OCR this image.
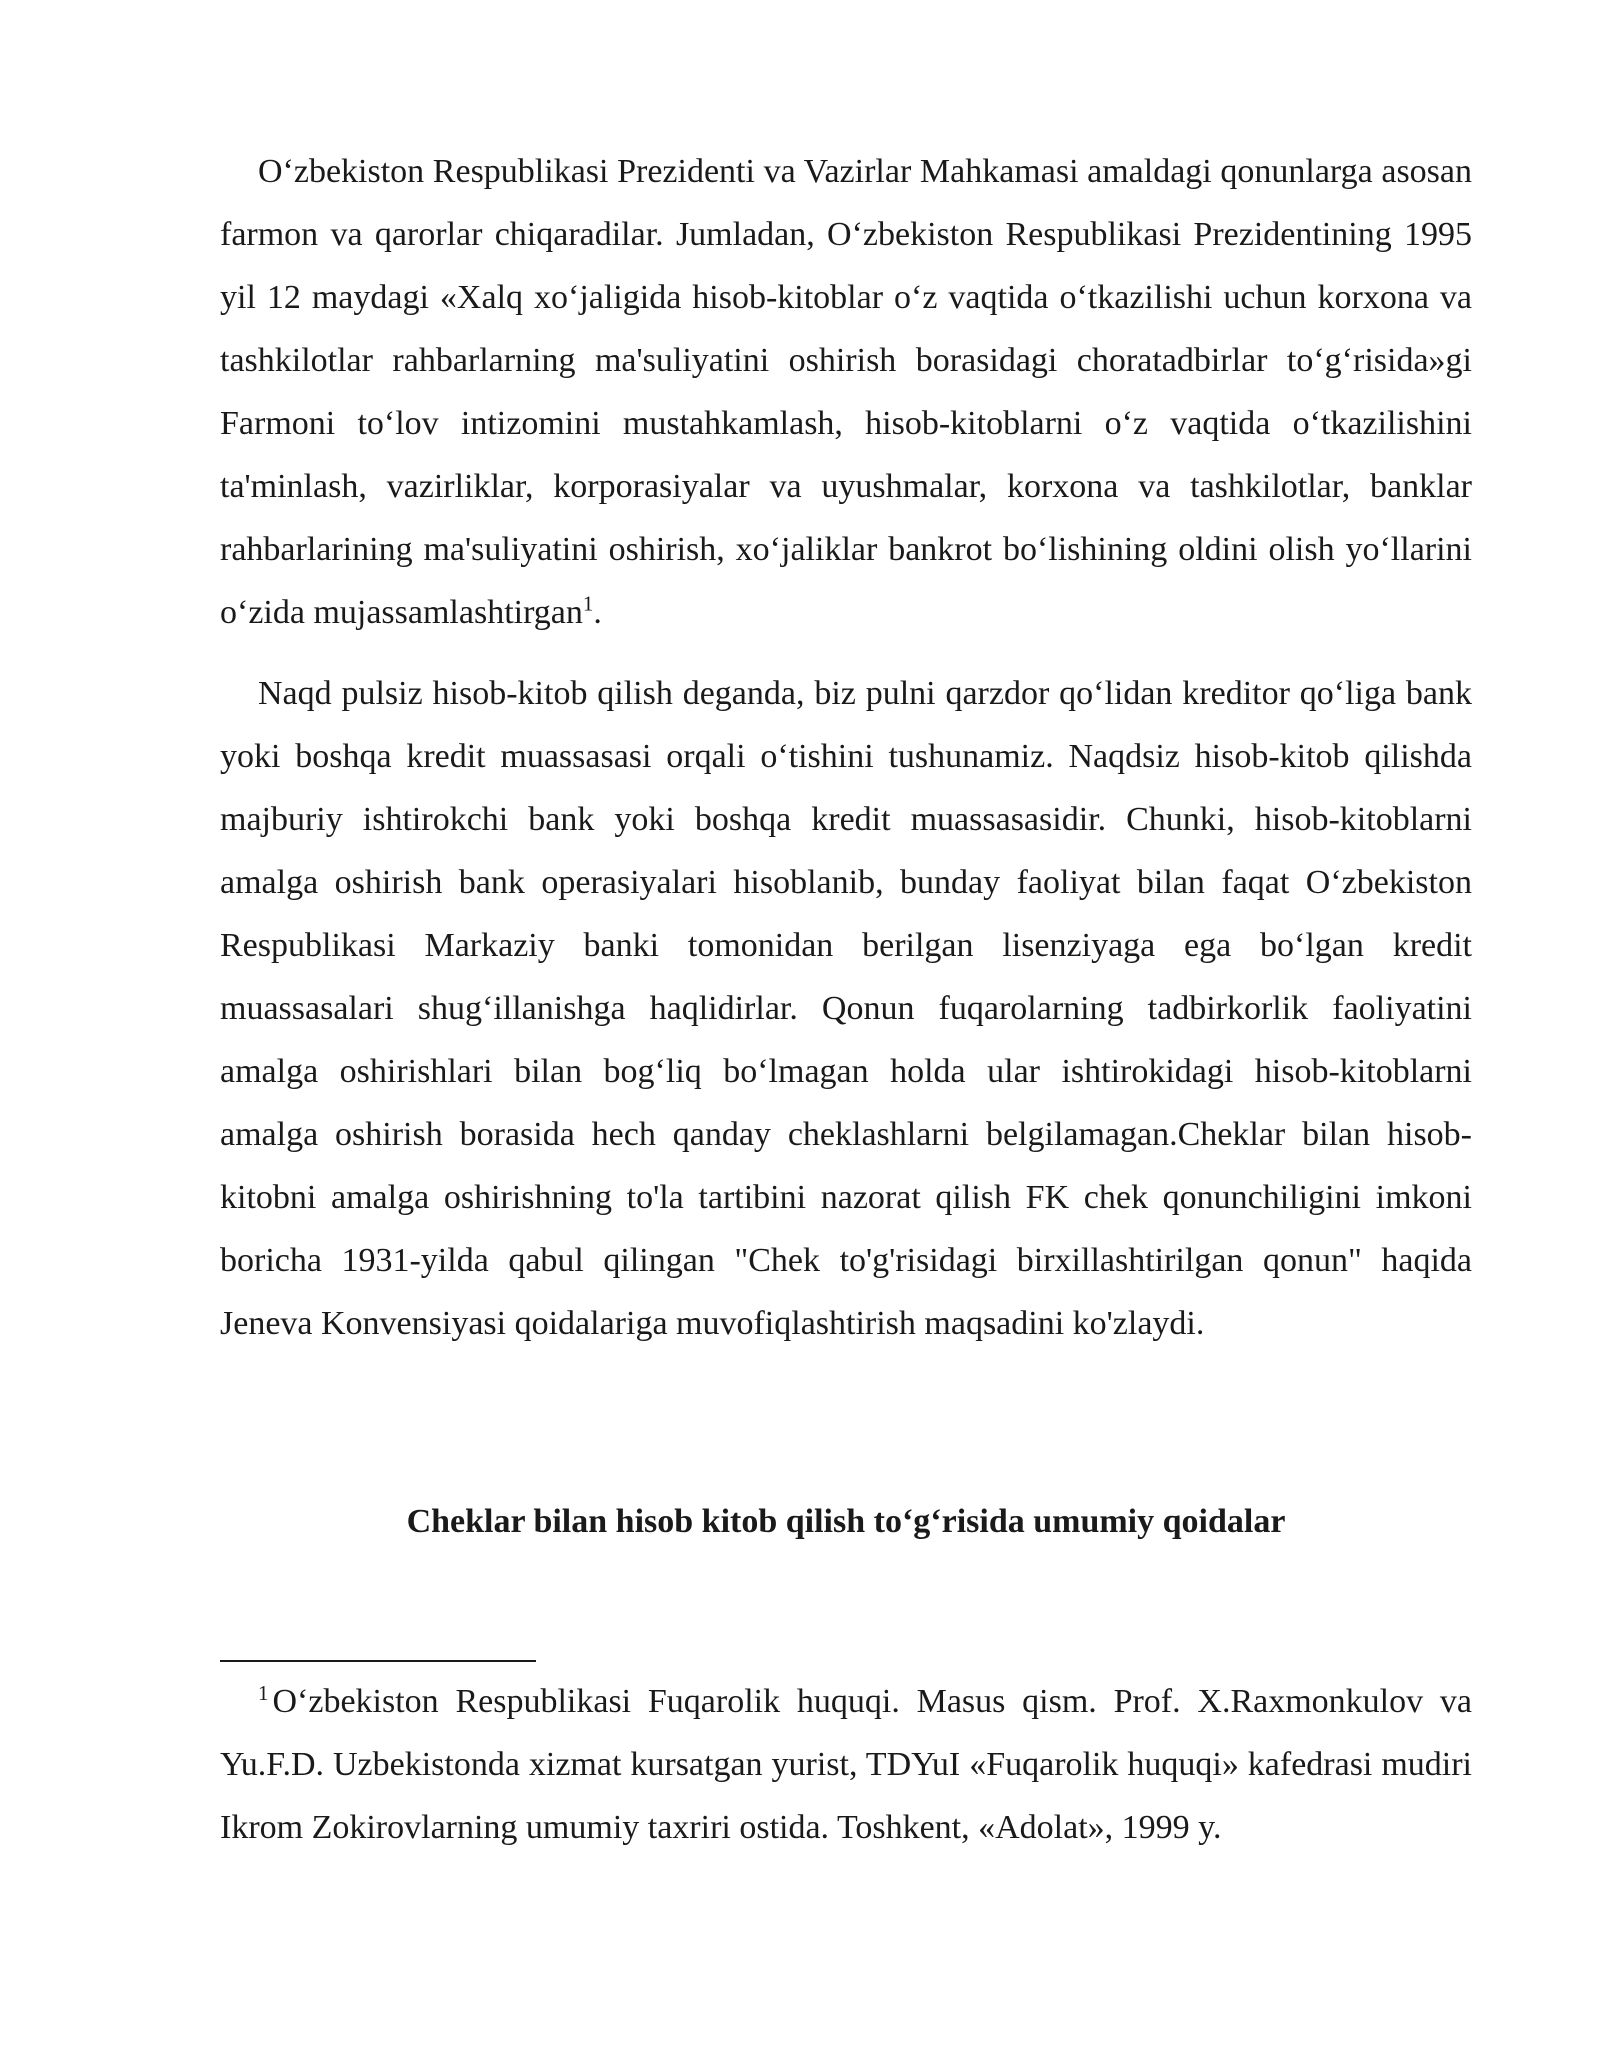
Oʻzbekiston Respublikasi Prezidenti va Vazirlar Mahkamasi amaldagi qonunlarga asosan farmon va qarorlar chiqaradilar. Jumladan, Oʻzbekiston Respublikasi Prezidentining 1995 yil 12 maydagi «Xalq xoʻjaligida hisob-kitoblar oʻz vaqtida oʻtkazilishi uchun korxona va tashkilotlar rahbarlarning ma'suliyatini oshirish borasidagi choratadbirlar toʻgʻrisida»gi Farmoni toʻlov intizomini mustahkamlash, hisob-kitoblarni oʻz vaqtida oʻtkazilishini ta'minlash, vazirliklar, korporasiyalar va uyushmalar, korxona va tashkilotlar, banklar rahbarlarining ma'suliyatini oshirish, xoʻjaliklar bankrot boʻlishining oldini olish yoʻllarini oʻzida mujassamlashtirgan$^1$.

Naqd pulsiz hisob-kitob qilish deganda, biz pulni qarzdor qoʻlidan kreditor qoʻliga bank yoki boshqa kredit muassasasi orqali oʻtishini tushunamiz. Naqdsiz hisob-kitob qilishda majburiy ishtirokchi bank yoki boshqa kredit muassasasidir. Chunki, hisob-kitoblarni amalga oshirish bank operasiyalari hisoblanib, bunday faoliyat bilan faqat Oʻzbekiston Respublikasi Markaziy banki tomonidan berilgan lisenziyaga ega boʻlgan kredit muassasalari shugʻillanishga haqlidirlar. Qonun fuqarolarning tadbirkorlik faoliyatini amalga oshirishlari bilan bogʻliq boʻlmagan holda ular ishtirokidagi hisob-kitoblarni amalga oshirish borasida hech qanday cheklashlarni belgilamagan.Cheklar bilan hisob-kitobni amalga oshirishning to'la tartibini nazorat qilish FK chek qonunchiligini imkoni boricha 1931-yilda qabul qilingan "Chek to'g'risidagi birxillashtirilgan qonun" haqida Jeneva Konvensiyasi qoidalariga muvofiqlashtirish maqsadini ko'zlaydi.

Cheklar bilan hisob kitob qilish toʻgʻrisida umumiy qoidalar

$^1$ Oʻzbekiston Respublikasi Fuqarolik huquqi. Masus qism. Prof. X.Raxmonkulov va Yu.F.D. Uzbekistonda xizmat kursatgan yurist, TDYuI «Fuqarolik huquqi» kafedrasi mudiri Ikrom Zokirovlarning umumiy taxriri ostida. Toshkent, «Adolat», 1999 y.
